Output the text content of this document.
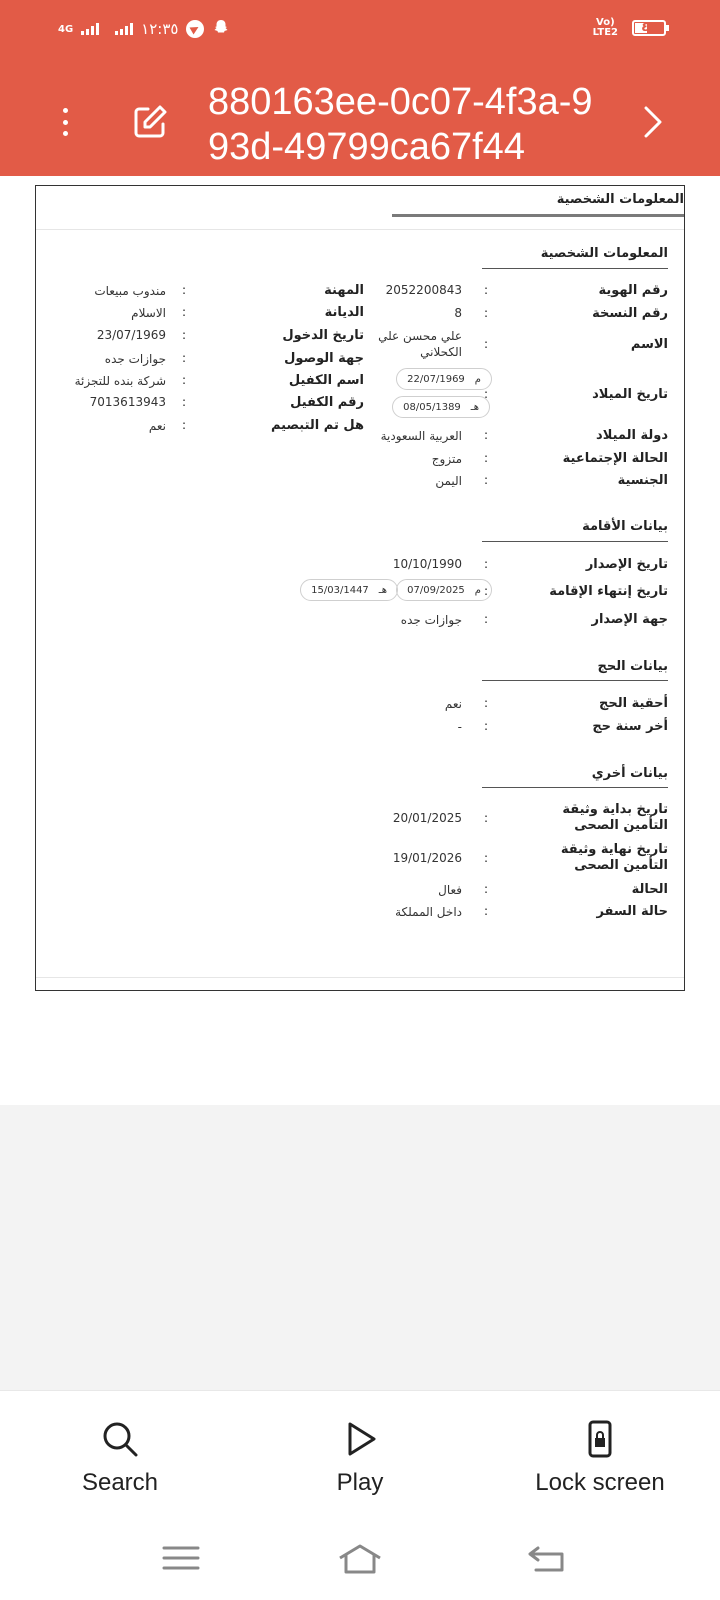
4G	١٢:٣٥	Vo)
LTE2 ٤٢
880163ee-0c07-4f3a-993d-49799ca67f44
المعلومات الشخصية
المعلومات الشخصية
رقم الهوية
:
2052200843
رقم النسخة
:
8
الاسم
:
علي محسن علي الكحلاني
تاريخ الميلاد
:
22/07/1969 م
08/05/1389 هـ
دولة الميلاد
:
العربية السعودية
الحالة الإجتماعية
:
متزوج
الجنسية
:
اليمن
المهنة
:
مندوب مبيعات
الديانة
:
الاسلام
تاريخ الدخول
:
23/07/1969
جهة الوصول
:
جوازات جده
اسم الكفيل
:
شركة بنده للتجزئة
رقم الكفيل
:
7013613943
هل تم التبصيم
:
نعم
بيانات الأقامة
تاريخ الإصدار
:
10/10/1990
تاريخ إنتهاء الإقامة
:
07/09/2025 م
15/03/1447 هـ
جهة الإصدار
:
جوازات جده
بيانات الحج
أحقية الحج
:
نعم
أخر سنة حج
:
-
بيانات أخري
تاريخ بداية وثيقة التأمين الصحى
:
20/01/2025
تاريخ نهاية وثيقة التأمين الصحى
:
19/01/2026
الحالة
:
فعال
حالة السفر
:
داخل المملكة
Search	Play	Lock screen
